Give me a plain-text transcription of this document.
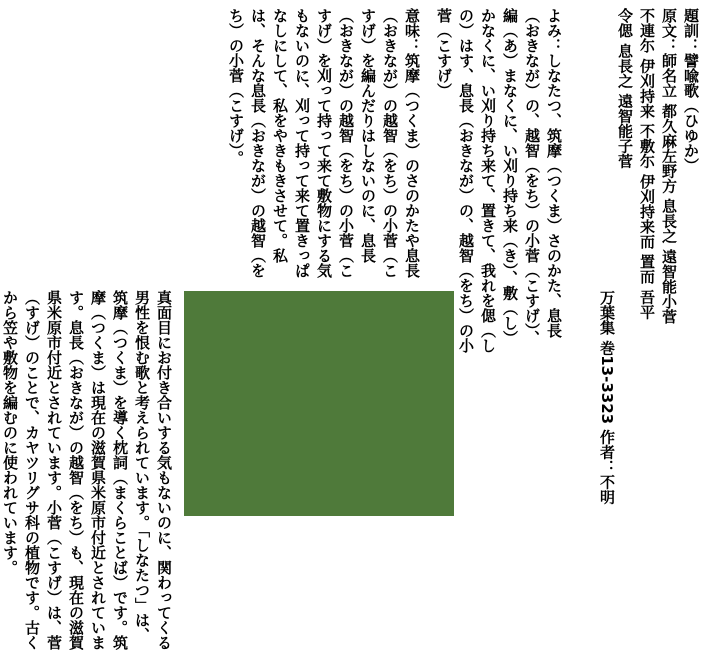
題訓：譬喩歌（ひゆか）
原文：師名立 都久麻左野方 息長之 遠智能小菅 不連尓 伊刈持来 不敷尓 伊刈持来而 置而 吾平令偲 息長之 遠智能子菅
万葉集 巻13-3323 作者：不明
よみ：しなたつ、筑摩（つくま）さのかた、息長（おきなが）の、越智（をち）の小菅（こすげ）、編（あ）まなくに、い刈り持ち来（き）、敷（し）かなくに、い刈り持ち来て、置きて、我れを偲（しの）はす、息長（おきなが）の、越智（をち）の小菅（こすげ）
意味：筑摩（つくま）のさのかたや息長（おきなが）の越智（をち）の小菅（こすげ）を編んだりはしないのに、息長（おきなが）の越智（をち）の小菅（こすげ）を刈って持って来て敷物にする気もないのに、刈って持って来て置きっぱなしにして、私をやきもきさせて。私は、そんな息長（おきなが）の越智（をち）の小菅（こすげ）。
真面目にお付き合いする気もないのに、関わってくる男性を恨む歌と考えられています。「しなたつ」は、筑摩（つくま）を導く枕詞（まくらことば）です。筑摩（つくま）は現在の滋賀県米原市付近とされています。息長（おきなが）の越智（をち）も、現在の滋賀県米原市付近とされています。小菅（こすげ）は、菅（すげ）のことで、カヤツリグサ科の植物です。古くから笠や敷物を編むのに使われています。
